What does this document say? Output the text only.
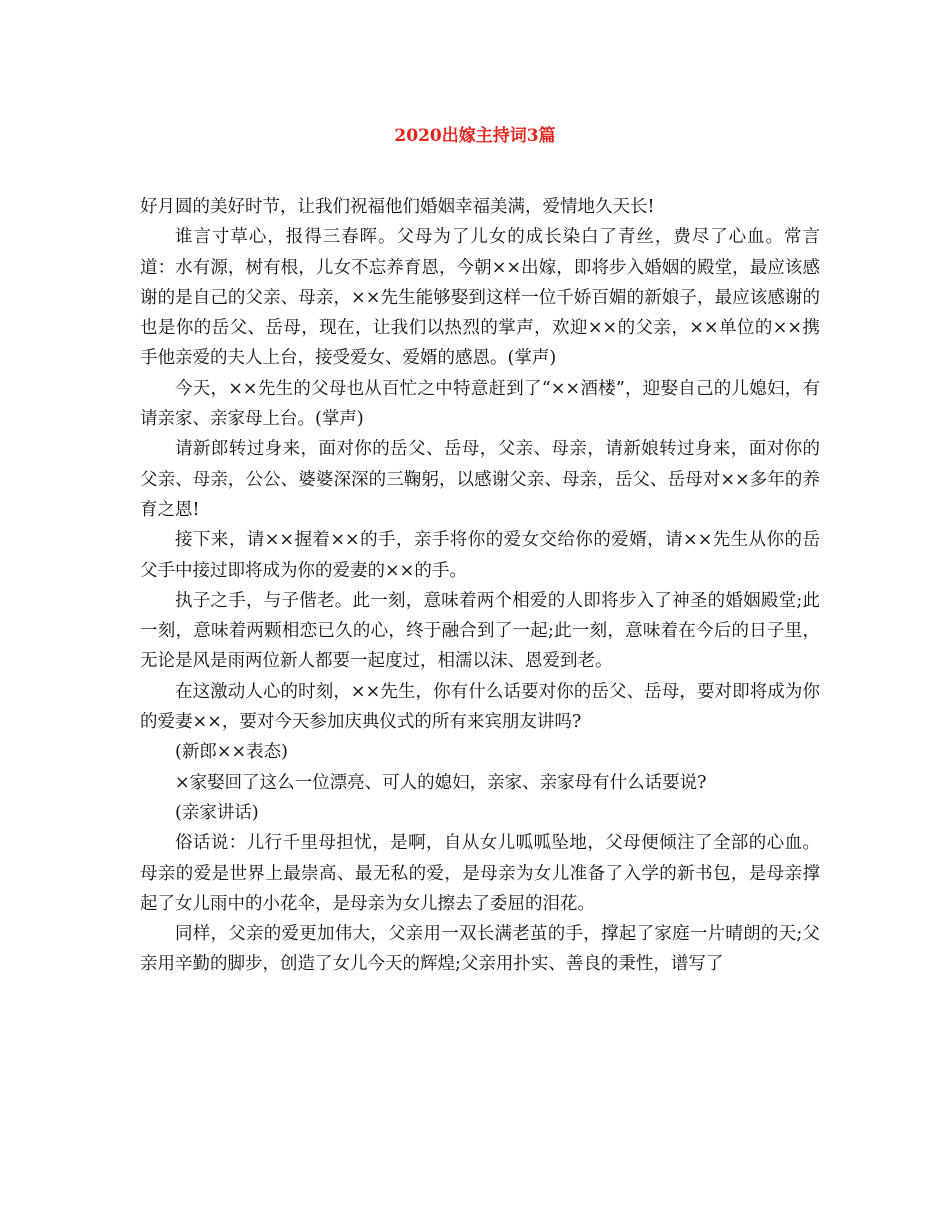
2020出嫁主持词3篇

好月圆的美好时节，让我们祝福他们婚姻幸福美满，爱情地久天长!

谁言寸草心，报得三春晖。父母为了儿女的成长染白了青丝，费尽了心血。常言道：水有源，树有根，儿女不忘养育恩，今朝××出嫁，即将步入婚姻的殿堂，最应该感谢的是自己的父亲、母亲，××先生能够娶到这样一位千娇百媚的新娘子，最应该感谢的也是你的岳父、岳母，现在，让我们以热烈的掌声，欢迎××的父亲，××单位的××携手他亲爱的夫人上台，接受爱女、爱婿的感恩。(掌声)

今天，××先生的父母也从百忙之中特意赶到了“××酒楼”，迎娶自己的儿媳妇，有请亲家、亲家母上台。(掌声)

请新郎转过身来，面对你的岳父、岳母，父亲、母亲，请新娘转过身来，面对你的父亲、母亲，公公、婆婆深深的三鞠躬，以感谢父亲、母亲，岳父、岳母对××多年的养育之恩!

接下来，请××握着××的手，亲手将你的爱女交给你的爱婿，请××先生从你的岳父手中接过即将成为你的爱妻的××的手。

执子之手，与子偕老。此一刻，意味着两个相爱的人即将步入了神圣的婚姻殿堂;此一刻，意味着两颗相恋已久的心，终于融合到了一起;此一刻，意味着在今后的日子里，无论是风是雨两位新人都要一起度过，相濡以沫、恩爱到老。

在这激动人心的时刻，××先生，你有什么话要对你的岳父、岳母，要对即将成为你的爱妻××，要对今天参加庆典仪式的所有来宾朋友讲吗?

(新郎××表态)

×家娶回了这么一位漂亮、可人的媳妇，亲家、亲家母有什么话要说?

(亲家讲话)

俗话说：儿行千里母担忧，是啊，自从女儿呱呱坠地，父母便倾注了全部的心血。母亲的爱是世界上最崇高、最无私的爱，是母亲为女儿准备了入学的新书包，是母亲撑起了女儿雨中的小花伞，是母亲为女儿擦去了委屈的泪花。

同样，父亲的爱更加伟大，父亲用一双长满老茧的手，撑起了家庭一片晴朗的天;父亲用辛勤的脚步，创造了女儿今天的辉煌;父亲用扑实、善良的秉性，谱写了
